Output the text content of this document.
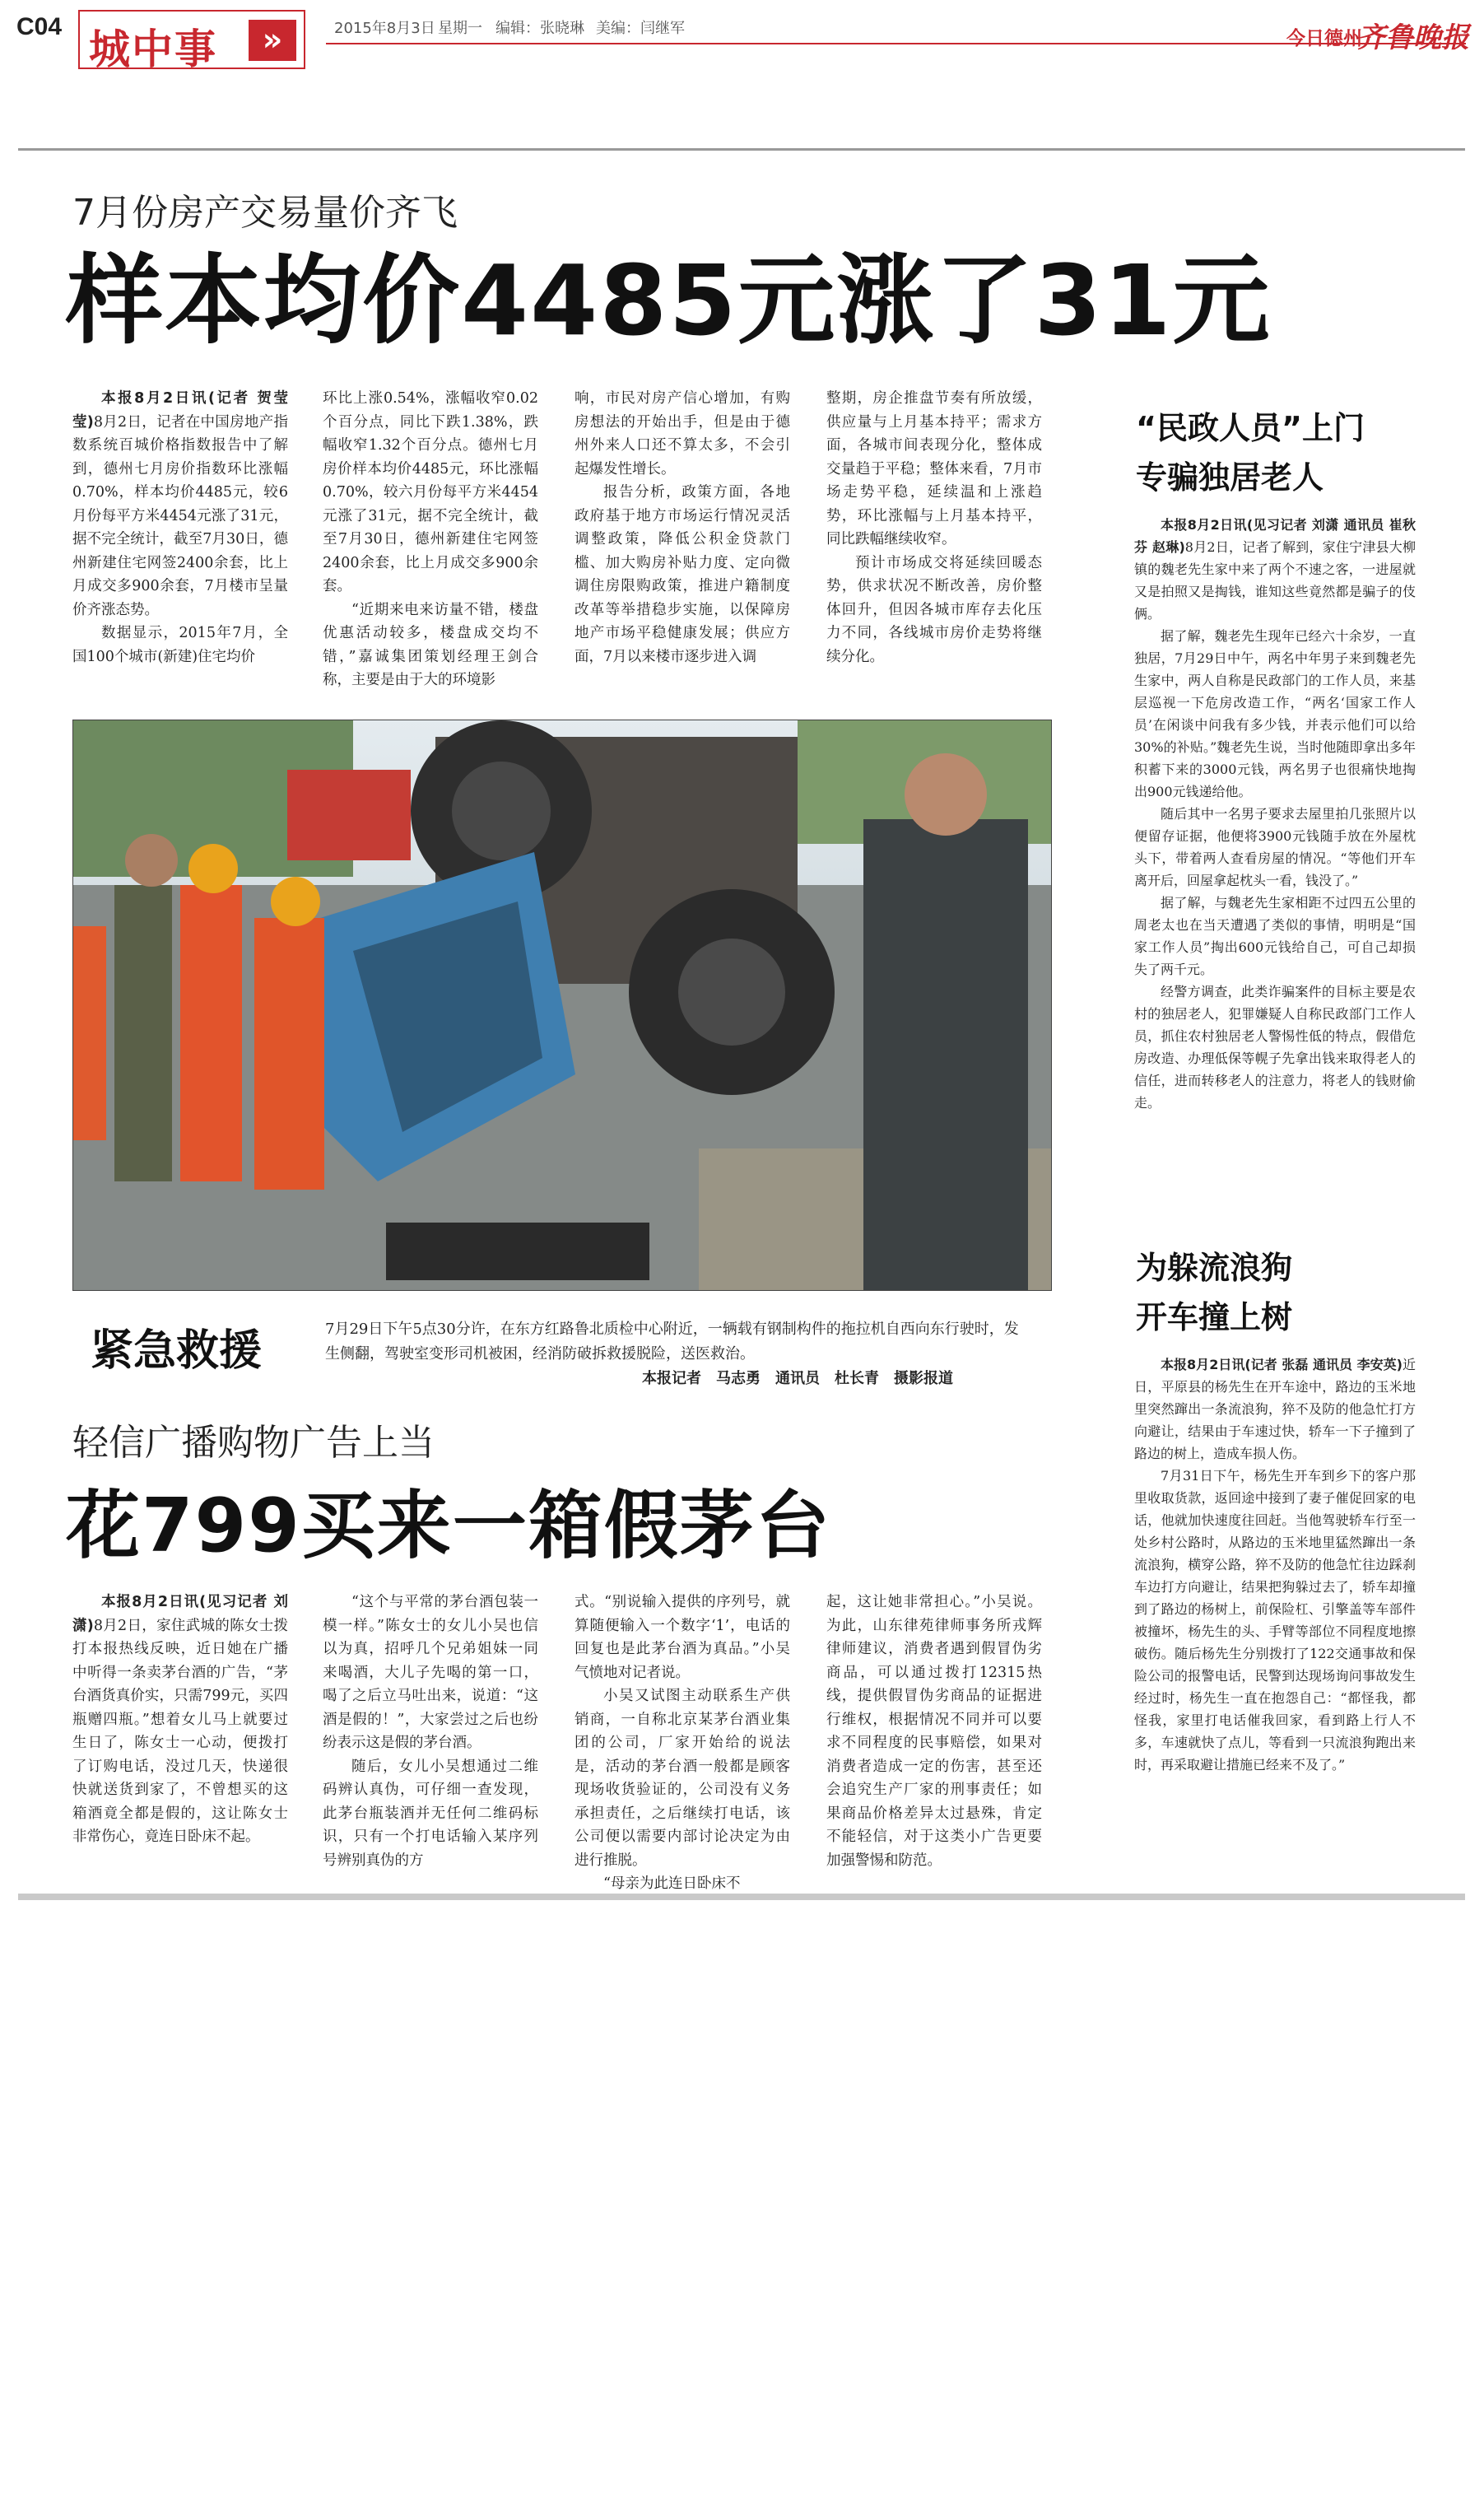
C04 城中事	»	2015年8月3日 星期一 编辑：张晓琳 美编：闫继军	今日德州
齐鲁晚报
7月份房产交易量价齐飞
样本均价4485元涨了31元

本报8月2日讯(记者 贺莹莹)8月2日，记者在中国房地产指数系统百城价格指数报告中了解到，德州七月房价指数环比涨幅0.70%，样本均价4485元，较6月份每平方米4454元涨了31元，据不完全统计，截至7月30日，德州新建住宅网签2400余套，比上月成交多900余套，7月楼市呈量价齐涨态势。

数据显示，2015年7月，全国100个城市(新建)住宅均价

环比上涨0.54%，涨幅收窄0.02个百分点，同比下跌1.38%，跌幅收窄1.32个百分点。德州七月房价样本均价4485元，环比涨幅0.70%，较六月份每平方米4454元涨了31元，据不完全统计，截至7月30日，德州新建住宅网签2400余套，比上月成交多900余套。

“近期来电来访量不错，楼盘优惠活动较多，楼盘成交均不错，”嘉诚集团策划经理王剑合称，主要是由于大的环境影

响，市民对房产信心增加，有购房想法的开始出手，但是由于德州外来人口还不算太多，不会引起爆发性增长。

报告分析，政策方面，各地政府基于地方市场运行情况灵活调整政策，降低公积金贷款门槛、加大购房补贴力度、定向微调住房限购政策，推进户籍制度改革等举措稳步实施，以保障房地产市场平稳健康发展；供应方面，7月以来楼市逐步进入调

整期，房企推盘节奏有所放缓，供应量与上月基本持平；需求方面，各城市间表现分化，整体成交量趋于平稳；整体来看，7月市场走势平稳，延续温和上涨趋势，环比涨幅与上月基本持平，同比跌幅继续收窄。

预计市场成交将延续回暖态势，供求状况不断改善，房价整体回升，但因各城市库存去化压力不同，各线城市房价走势将继续分化。

紧急救援	7月29日下午5点30分许，在东方红路鲁北质检中心附近，一辆载有钢制构件的拖拉机自西向东行驶时，发生侧翻，驾驶室变形司机被困，经消防破拆救援脱险，送医救治。
本报记者　马志勇　通讯员　杜长青　摄影报道
轻信广播购物广告上当
花799买来一箱假茅台

本报8月2日讯(见习记者 刘潇)8月2日，家住武城的陈女士拨打本报热线反映，近日她在广播中听得一条卖茅台酒的广告，“茅台酒货真价实，只需799元，买四瓶赠四瓶。”想着女儿马上就要过生日了，陈女士一心动，便拨打了订购电话，没过几天，快递很快就送货到家了，不曾想买的这箱酒竟全都是假的，这让陈女士非常伤心，竟连日卧床不起。

“这个与平常的茅台酒包装一模一样。”陈女士的女儿小吴也信以为真，招呼几个兄弟姐妹一同来喝酒，大儿子先喝的第一口，喝了之后立马吐出来，说道：“这酒是假的！”，大家尝过之后也纷纷表示这是假的茅台酒。

随后，女儿小吴想通过二维码辨认真伪，可仔细一查发现，此茅台瓶装酒并无任何二维码标识，只有一个打电话输入某序列号辨别真伪的方

式。“别说输入提供的序列号，就算随便输入一个数字‘1’，电话的回复也是此茅台酒为真品。”小吴气愤地对记者说。

小吴又试图主动联系生产供销商，一自称北京某茅台酒业集团的公司，厂家开始给的说法是，活动的茅台酒一般都是顾客现场收货验证的，公司没有义务承担责任，之后继续打电话，该公司便以需要内部讨论决定为由进行推脱。

“母亲为此连日卧床不

起，这让她非常担心。”小吴说。为此，山东律苑律师事务所戎辉律师建议，消费者遇到假冒伪劣商品，可以通过拨打12315热线，提供假冒伪劣商品的证据进行维权，根据情况不同并可以要求不同程度的民事赔偿，如果对消费者造成一定的伤害，甚至还会追究生产厂家的刑事责任；如果商品价格差异太过悬殊，肯定不能轻信，对于这类小广告更要加强警惕和防范。

“民政人员”上门
专骗独居老人

本报8月2日讯(见习记者 刘潇 通讯员 崔秋芬 赵琳)8月2日，记者了解到，家住宁津县大柳镇的魏老先生家中来了两个不速之客，一进屋就又是拍照又是掏钱，谁知这些竟然都是骗子的伎俩。

据了解，魏老先生现年已经六十余岁，一直独居，7月29日中午，两名中年男子来到魏老先生家中，两人自称是民政部门的工作人员，来基层巡视一下危房改造工作，“两名‘国家工作人员’在闲谈中问我有多少钱，并表示他们可以给30%的补贴。”魏老先生说，当时他随即拿出多年积蓄下来的3000元钱，两名男子也很痛快地掏出900元钱递给他。

随后其中一名男子要求去屋里拍几张照片以便留存证据，他便将3900元钱随手放在外屋枕头下，带着两人查看房屋的情况。“等他们开车离开后，回屋拿起枕头一看，钱没了。”

据了解，与魏老先生家相距不过四五公里的周老太也在当天遭遇了类似的事情，明明是“国家工作人员”掏出600元钱给自己，可自己却损失了两千元。

经警方调查，此类诈骗案件的目标主要是农村的独居老人，犯罪嫌疑人自称民政部门工作人员，抓住农村独居老人警惕性低的特点，假借危房改造、办理低保等幌子先拿出钱来取得老人的信任，进而转移老人的注意力，将老人的钱财偷走。

为躲流浪狗
开车撞上树

本报8月2日讯(记者 张磊 通讯员 李安英)近日，平原县的杨先生在开车途中，路边的玉米地里突然蹿出一条流浪狗，猝不及防的他急忙打方向避让，结果由于车速过快，轿车一下子撞到了路边的树上，造成车损人伤。

7月31日下午，杨先生开车到乡下的客户那里收取货款，返回途中接到了妻子催促回家的电话，他就加快速度往回赶。当他驾驶轿车行至一处乡村公路时，从路边的玉米地里猛然蹿出一条流浪狗，横穿公路，猝不及防的他急忙往边踩刹车边打方向避让，结果把狗躲过去了，轿车却撞到了路边的杨树上，前保险杠、引擎盖等车部件被撞坏，杨先生的头、手臂等部位不同程度地擦破伤。随后杨先生分别拨打了122交通事故和保险公司的报警电话，民警到达现场询问事故发生经过时，杨先生一直在抱怨自己：“都怪我，都怪我，家里打电话催我回家，看到路上行人不多，车速就快了点儿，等看到一只流浪狗跑出来时，再采取避让措施已经来不及了。”
